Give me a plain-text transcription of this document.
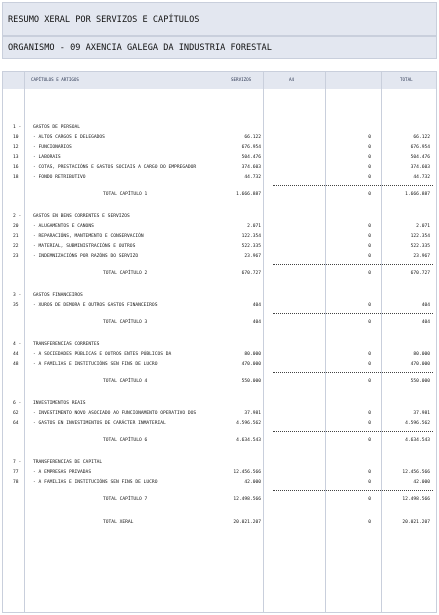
RESUMO XERAL POR SERVIZOS E CAPÍTULOS
ORGANISMO - 09 AXENCIA GALEGA DA INDUSTRIA FORESTAL
CAPÍTULOS E ARTIGOS	SERVIZOS	A4	TOTAL
1 -	GASTOS DE PERSOAL
10	- ALTOS CARGOS E DELEGADOS	66.122	0	66.122
12	- FUNCIONARIOS	676.954	0	676.954
13	- LABORAIS	504.476	0	504.476
16	- COTAS, PRESTACIÓNS E GASTOS SOCIAIS A CARGO DO EMPREGADOR	374.603	0	374.603
18	- FONDO RETRIBUTIVO	44.732	0	44.732
TOTAL CAPÍTULO 1	1.666.887	0	1.666.887
2 -	GASTOS EN BENS CORRENTES E SERVIZOS
20	- ALUGAMENTOS E CANONS	2.071	0	2.071
21	- REPARACIÓNS, MANTEMENTO E CONSERVACIÓN	122.354	0	122.354
22	- MATERIAL, SUBMINISTRACIÓNS E OUTROS	522.335	0	522.335
23	- INDEMNIZACIÓNS POR RAZÓNS DO SERVIZO	23.967	0	23.967
TOTAL CAPÍTULO 2	670.727	0	670.727
3 -	GASTOS FINANCEIROS
35	- XUROS DE DEMORA E OUTROS GASTOS FINANCEIROS	404	0	404
TOTAL CAPÍTULO 3	404	0	404
4 -	TRANSFERENCIAS CORRENTES
44	- A SOCIEDADES PÚBLICAS E OUTROS ENTES PÚBLICOS DA	80.000	0	80.000
48	- A FAMILIAS E INSTITUCIÓNS SEN FINS DE LUCRO	470.000	0	470.000
TOTAL CAPÍTULO 4	550.000	0	550.000
6 -	INVESTIMENTOS REAIS
62	- INVESTIMENTO NOVO ASOCIADO AO FUNCIONAMENTO OPERATIVO DOS	37.981	0	37.981
64	- GASTOS EN INVESTIMENTOS DE CARÁCTER INMATERIAL	4.596.562	0	4.596.562
TOTAL CAPÍTULO 6	4.634.543	0	4.634.543
7 -	TRANSFERENCIAS DE CAPITAL
77	- A EMPRESAS PRIVADAS	12.456.566	0	12.456.566
78	- A FAMILIAS E INSTITUCIÓNS SEN FINS DE LUCRO	42.000	0	42.000
TOTAL CAPÍTULO 7	12.498.566	0	12.498.566
TOTAL XERAL	20.021.207	0	20.021.207
